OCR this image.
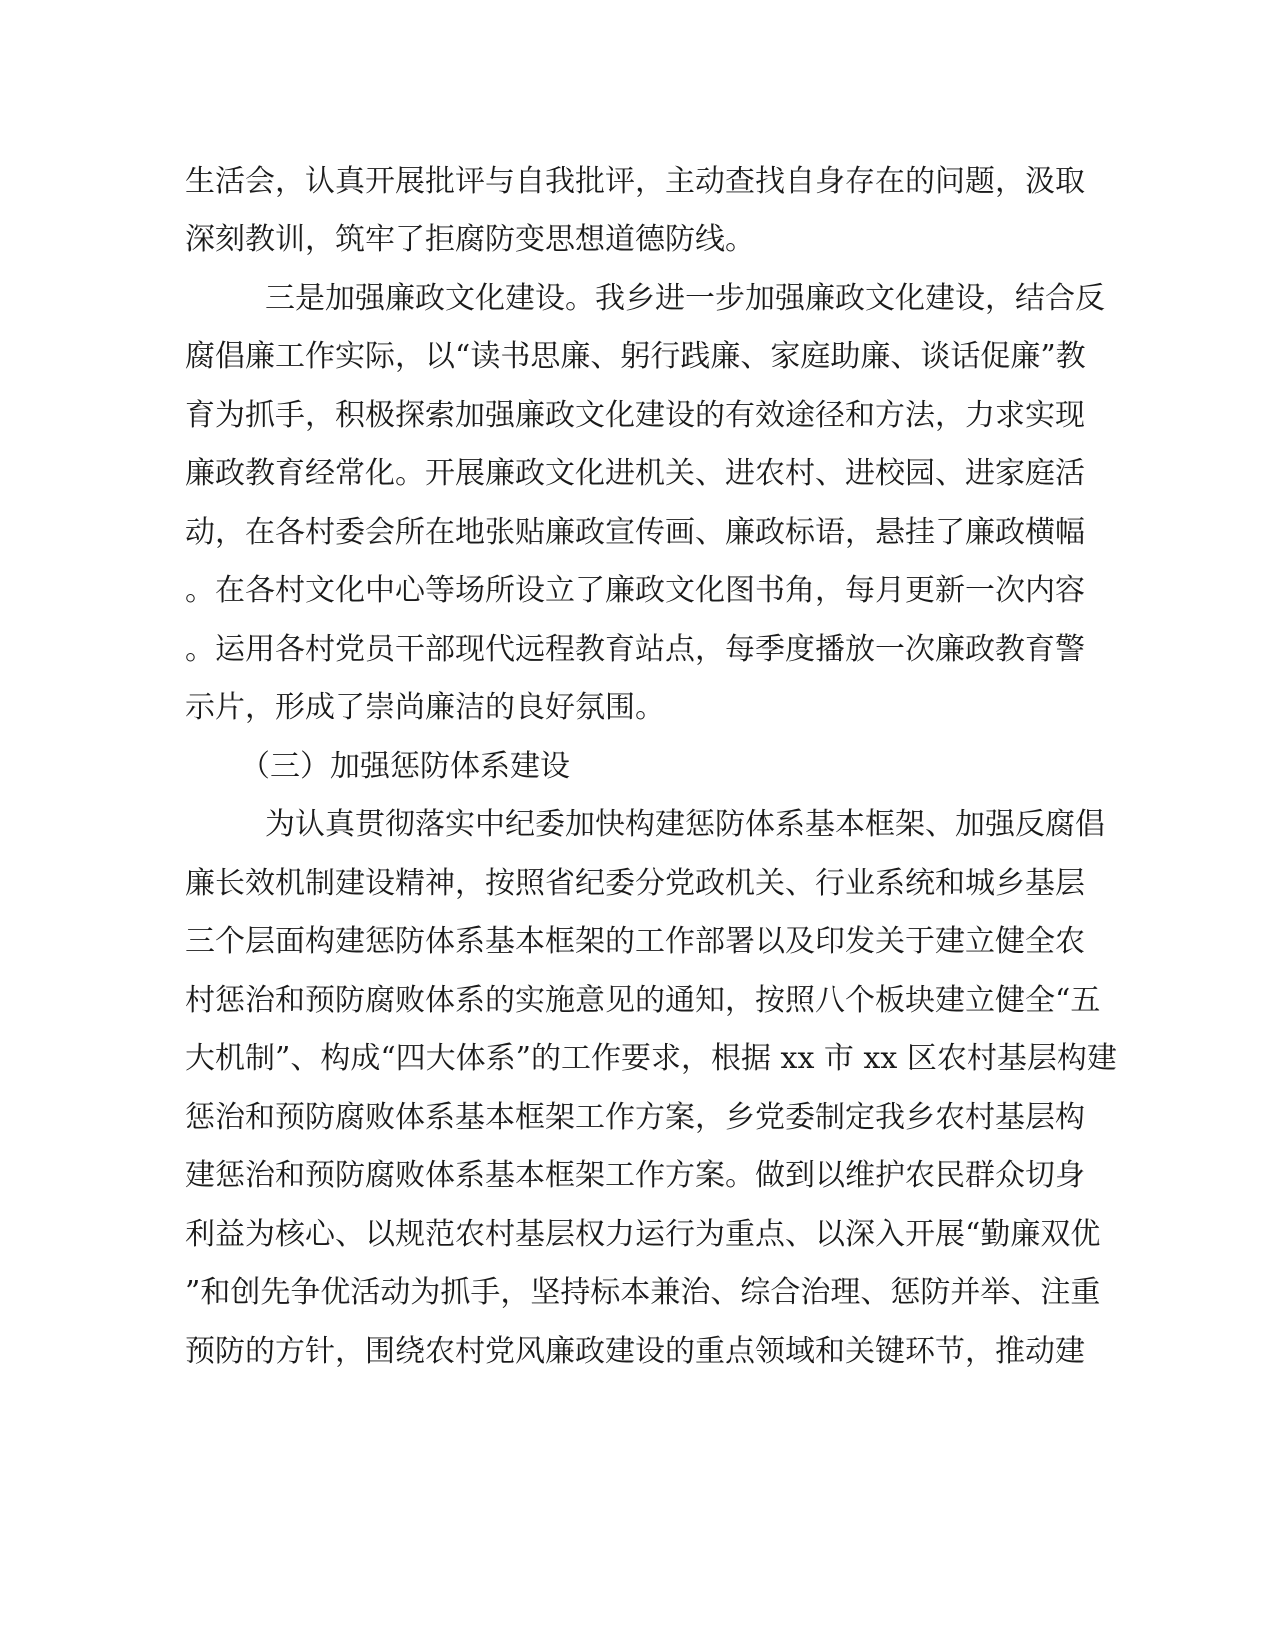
生活会，认真开展批评与自我批评，主动查找自身存在的问题，汲取

深刻教训，筑牢了拒腐防变思想道德防线。

三是加强廉政文化建设。我乡进一步加强廉政文化建设，结合反

腐倡廉工作实际，以“读书思廉、躬行践廉、家庭助廉、谈话促廉”教

育为抓手，积极探索加强廉政文化建设的有效途径和方法，力求实现

廉政教育经常化。开展廉政文化进机关、进农村、进校园、进家庭活

动，在各村委会所在地张贴廉政宣传画、廉政标语，悬挂了廉政横幅

。在各村文化中心等场所设立了廉政文化图书角，每月更新一次内容

。运用各村党员干部现代远程教育站点，每季度播放一次廉政教育警

示片，形成了崇尚廉洁的良好氛围。

（三）加强惩防体系建设

为认真贯彻落实中纪委加快构建惩防体系基本框架、加强反腐倡

廉长效机制建设精神，按照省纪委分党政机关、行业系统和城乡基层

三个层面构建惩防体系基本框架的工作部署以及印发关于建立健全农

村惩治和预防腐败体系的实施意见的通知，按照八个板块建立健全“五

大机制”、构成“四大体系”的工作要求，根据 xx 市 xx 区农村基层构建

惩治和预防腐败体系基本框架工作方案，乡党委制定我乡农村基层构

建惩治和预防腐败体系基本框架工作方案。做到以维护农民群众切身

利益为核心、以规范农村基层权力运行为重点、以深入开展“勤廉双优

”和创先争优活动为抓手，坚持标本兼治、综合治理、惩防并举、注重

预防的方针，围绕农村党风廉政建设的重点领域和关键环节，推动建
